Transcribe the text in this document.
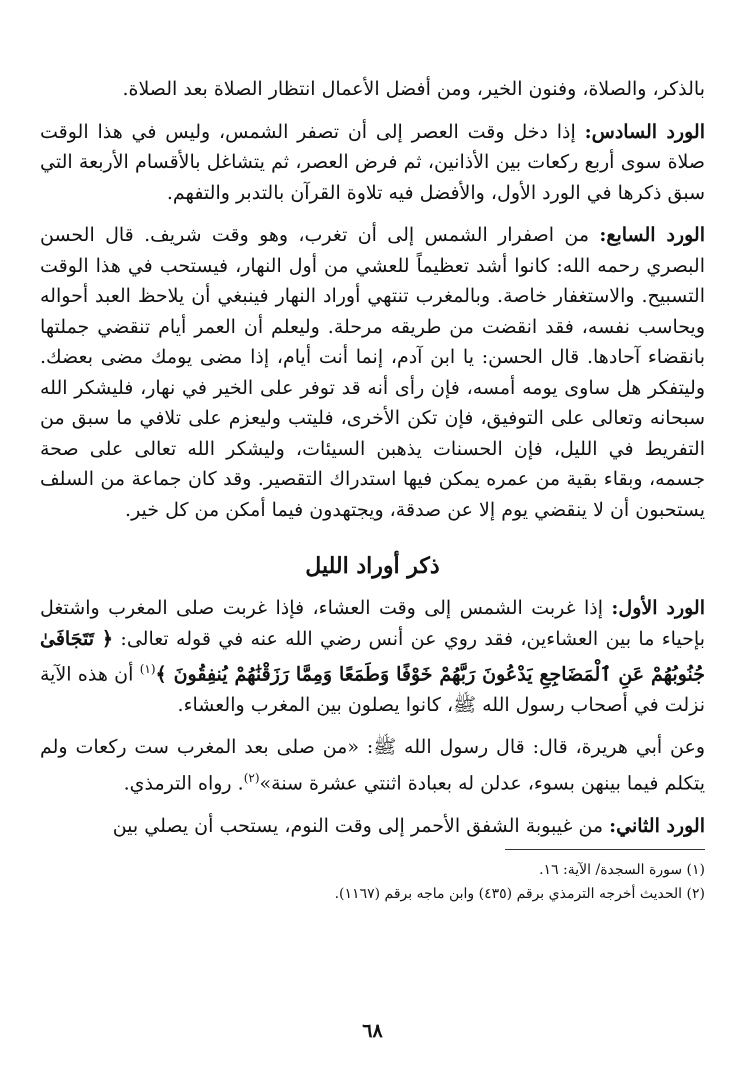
بالذكر، والصلاة، وفنون الخير، ومن أفضل الأعمال انتظار الصلاة بعد الصلاة.

الورد السادس: إذا دخل وقت العصر إلى أن تصفر الشمس، وليس في هذا الوقت صلاة سوى أربع ركعات بين الأذانين، ثم فرض العصر، ثم يتشاغل بالأقسام الأربعة التي سبق ذكرها في الورد الأول، والأفضل فيه تلاوة القرآن بالتدبر والتفهم.

الورد السابع: من اصفرار الشمس إلى أن تغرب، وهو وقت شريف. قال الحسن البصري رحمه الله: كانوا أشد تعظيماً للعشي من أول النهار، فيستحب في هذا الوقت التسبيح. والاستغفار خاصة. وبالمغرب تنتهي أوراد النهار فينبغي أن يلاحظ العبد أحواله ويحاسب نفسه، فقد انقضت من طريقه مرحلة. وليعلم أن العمر أيام تنقضي جملتها بانقضاء آحادها. قال الحسن: يا ابن آدم، إنما أنت أيام، إذا مضى يومك مضى بعضك. وليتفكر هل ساوى يومه أمسه، فإن رأى أنه قد توفر على الخير في نهار، فليشكر الله سبحانه وتعالى على التوفيق، فإن تكن الأخرى، فليتب وليعزم على تلافي ما سبق من التفريط في الليل، فإن الحسنات يذهبن السيئات، وليشكر الله تعالى على صحة جسمه، وبقاء بقية من عمره يمكن فيها استدراك التقصير. وقد كان جماعة من السلف يستحبون أن لا ينقضي يوم إلا عن صدقة، ويجتهدون فيما أمكن من كل خير.

ذكر أوراد الليل

الورد الأول: إذا غربت الشمس إلى وقت العشاء، فإذا غربت صلى المغرب واشتغل بإحياء ما بين العشاءين، فقد روي عن أنس رضي الله عنه في قوله تعالى: ﴿ تَتَجَافَىٰ جُنُوبُهُمْ عَنِ ٱلْمَضَاجِعِ يَدْعُونَ رَبَّهُمْ خَوْفًا وَطَمَعًا وَمِمَّا رَزَقْنَٰهُمْ يُنفِقُونَ ﴾$^{(١)}$ أن هذه الآية نزلت في أصحاب رسول الله ﷺ، كانوا يصلون بين المغرب والعشاء.

وعن أبي هريرة، قال: قال رسول الله ﷺ: «من صلى بعد المغرب ست ركعات ولم يتكلم فيما بينهن بسوء، عدلن له بعبادة اثنتي عشرة سنة»$^{(٢)}$. رواه الترمذي.

الورد الثاني: من غيبوبة الشفق الأحمر إلى وقت النوم، يستحب أن يصلي بين

(١) سورة السجدة/ الآية: ١٦.

(٢) الحديث أخرجه الترمذي برقم (٤٣٥) وابن ماجه برقم (١١٦٧).

٦٨
